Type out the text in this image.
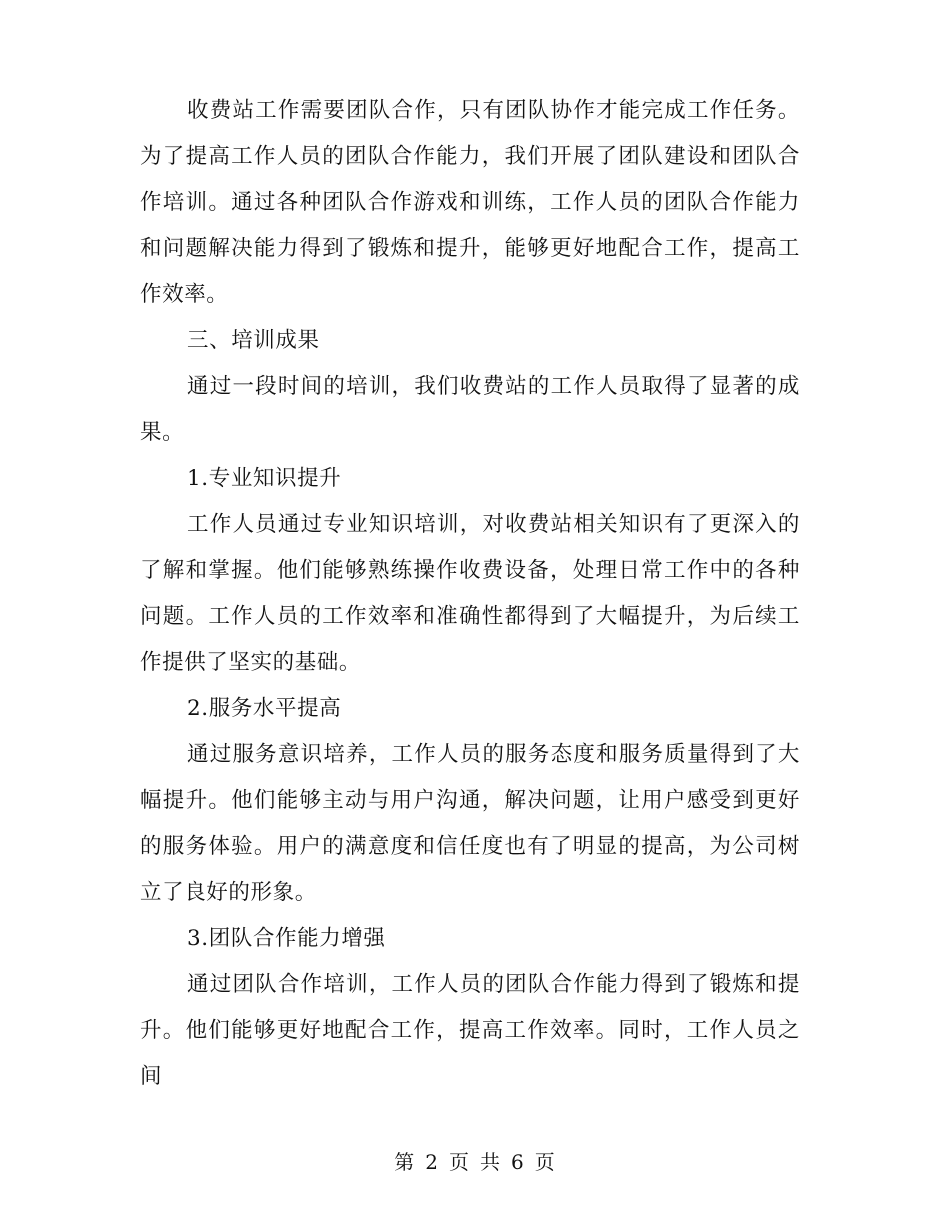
收费站工作需要团队合作，只有团队协作才能完成工作任务。为了提高工作人员的团队合作能力，我们开展了团队建设和团队合作培训。通过各种团队合作游戏和训练，工作人员的团队合作能力和问题解决能力得到了锻炼和提升，能够更好地配合工作，提高工作效率。

三、培训成果

通过一段时间的培训，我们收费站的工作人员取得了显著的成果。

1.专业知识提升

工作人员通过专业知识培训，对收费站相关知识有了更深入的了解和掌握。他们能够熟练操作收费设备，处理日常工作中的各种问题。工作人员的工作效率和准确性都得到了大幅提升，为后续工作提供了坚实的基础。

2.服务水平提高

通过服务意识培养，工作人员的服务态度和服务质量得到了大幅提升。他们能够主动与用户沟通，解决问题，让用户感受到更好的服务体验。用户的满意度和信任度也有了明显的提高，为公司树立了良好的形象。

3.团队合作能力增强

通过团队合作培训，工作人员的团队合作能力得到了锻炼和提升。他们能够更好地配合工作，提高工作效率。同时，工作人员之间

第 2 页 共 6 页
